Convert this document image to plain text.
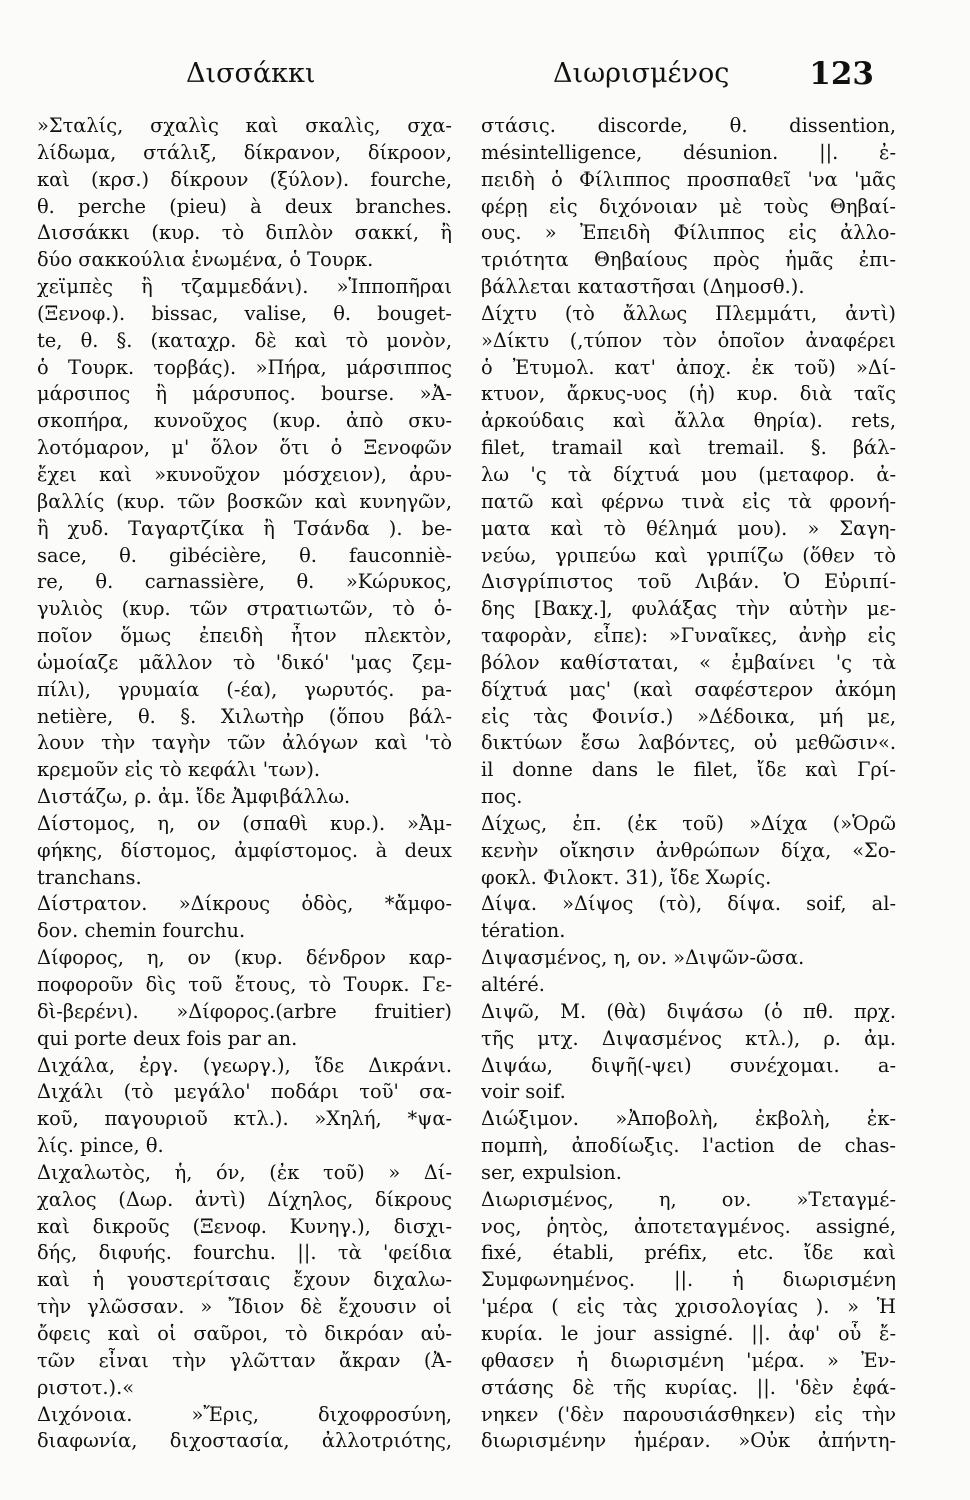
Δισσάκκι	Διωρισμένος	123
»Σταλίς, σχαλὶς καὶ σκαλὶς, σχα-
λίδωμα, στάλιξ, δίκρανον, δίκροον,
καὶ (κρσ.) δίκρουν (ξύλον). fourche,
θ. perche (pieu) à deux branches.
Δισσάκκι (κυρ. τὸ διπλὸν σακκί, ἢ
δύο σακκούλια ἑνωμένα, ὁ Τουρκ.
χεϊμπὲς ἢ τζαμμεδάνι). »Ἱπποπῆραι
(Ξενοφ.). bissac, valise, θ. bouget-
te, θ. §. (καταχρ. δὲ καὶ τὸ μονὸν,
ὁ Τουρκ. τορβάς). »Πήρα, μάρσιππος
μάρσιπος ἢ μάρσυπος. bourse. »Ἀ-
σκοπήρα, κυνοῦχος (κυρ. ἀπὸ σκυ-
λοτόμαρον, μ' ὅλον ὅτι ὁ Ξενοφῶν
ἔχει καὶ »κυνοῦχον μόσχειον), ἀρυ-
βαλλίς (κυρ. τῶν βοσκῶν καὶ κυνηγῶν,
ἢ χυδ. Ταγαρτζίκα ἢ Τσάνδα ). be-
sace, θ. gibécière, θ. fauconniè-
re, θ. carnassière, θ. »Κώρυκος,
γυλιὸς (κυρ. τῶν στρατιωτῶν, τὸ ὁ-
ποῖον ὅμως ἐπειδὴ ἦτον πλεκτὸν,
ὡμοίαζε μᾶλλον τὸ 'δικό' 'μας ζεμ-
πίλι), γρυμαία (-έα), γωρυτός. pa-
netière, θ. §. Χιλωτὴρ (ὅπου βάλ-
λουν τὴν ταγὴν τῶν ἀλόγων καὶ 'τὸ
κρεμοῦν εἰς τὸ κεφάλι 'των).
Διστάζω, ρ. ἀμ. ἴδε Ἀμφιβάλλω.
Δίστομος, η, ον (σπαθὶ κυρ.). »Ἀμ-
φήκης, δίστομος, ἀμφίστομος. à deux
tranchans.
Δίστρατον. »Δίκρους ὁδὸς, *ἄμφο-
δον. chemin fourchu.
Δίφορος, η, ον (κυρ. δένδρον καρ-
ποφοροῦν δὶς τοῦ ἔτους, τὸ Τουρκ. Γε-
δὶ-βερένι). »Δίφορος.(arbre fruitier)
qui porte deux fois par an.
Διχάλα, ἐργ. (γεωργ.), ἴδε Δικράνι.
Διχάλι (τὸ μεγάλο' ποδάρι τοῦ' σα-
κοῦ, παγουριοῦ κτλ.). »Χηλή, *ψα-
λίς. pince, θ.
Διχαλωτὸς, ἡ, όν, (ἐκ τοῦ) » Δί-
χαλος (Δωρ. ἀντὶ) Δίχηλος, δίκρους
καὶ δικροῦς (Ξενοφ. Κυνηγ.), δισχι-
δής, διφυής. fourchu. ||. τὰ 'φείδια
καὶ ἡ γουστερίτσαις ἔχουν διχαλω-
τὴν γλῶσσαν. » Ἴδιον δὲ ἔχουσιν οἱ
ὄφεις καὶ οἱ σαῦροι, τὸ δικρόαν αὐ-
τῶν εἶναι τὴν γλῶτταν ἄκραν (Ἀ-
ριστοτ.).«
Διχόνοια. »Ἔρις, διχοφροσύνη,
διαφωνία, διχοστασία, ἀλλοτριότης,
στάσις. discorde, θ. dissention,
mésintelligence, désunion. ||. ἐ-
πειδὴ ὁ Φίλιππος προσπαθεῖ 'να 'μᾶς
φέρῃ εἰς διχόνοιαν μὲ τοὺς Θηβαί-
ους. » Ἐπειδὴ Φίλιππος εἰς ἀλλο-
τριότητα Θηβαίους πρὸς ἡμᾶς ἐπι-
βάλλεται καταστῆσαι (Δημοσθ.).
Δίχτυ (τὸ ἄλλως Πλεμμάτι, ἀντὶ)
»Δίκτυ (,τύπον τὸν ὁποῖον ἀναφέρει
ὁ Ἐτυμολ. κατ' ἀποχ. ἐκ τοῦ) »Δί-
κτυον, ἄρκυς-υος (ἡ) κυρ. διὰ ταῖς
ἀρκούδαις καὶ ἄλλα θηρία). rets,
filet, tramail καὶ tremail. §. βάλ-
λω 'ς τὰ δίχτυά μου (μεταφορ. ἀ-
πατῶ καὶ φέρνω τινὰ εἰς τὰ φρονή-
ματα καὶ τὸ θέλημά μου). » Σαγη-
νεύω, γριπεύω καὶ γριπίζω (ὅθεν τὸ
Δισγρίπιστος τοῦ Λιβάν. Ὁ Εὐριπί-
δης [Βακχ.], φυλάξας τὴν αὐτὴν με-
ταφορὰν, εἶπε): »Γυναῖκες, ἀνὴρ εἰς
βόλον καθίσταται, « ἐμβαίνει 'ς τὰ
δίχτυά μας' (καὶ σαφέστερον ἀκόμη
εἰς τὰς Φοινίσ.) »Δέδοικα, μή με,
δικτύων ἔσω λαβόντες, οὐ μεθῶσιν«.
il donne dans le filet, ἴδε καὶ Γρί-
πος.
Δίχως, ἐπ. (ἐκ τοῦ) »Δίχα (»Ὁρῶ
κενὴν οἴκησιν ἀνθρώπων δίχα, «Σο-
φοκλ. Φιλοκτ. 31), ἴδε Χωρίς.
Δίψα. »Δίψος (τὸ), δίψα. soif, al-
tération.
Διψασμένος, η, ον. »Διψῶν-ῶσα.
altéré.
Διψῶ, Μ. (θὰ) διψάσω (ὁ πθ. πρχ.
τῆς μτχ. Διψασμένος κτλ.), ρ. ἀμ.
Διψάω, διψῆ(-ψει) συνέχομαι. a-
voir soif.
Διώξιμον. »Ἀποβολὴ, ἐκβολὴ, ἐκ-
πομπὴ, ἀποδίωξις. l'action de chas-
ser, expulsion.
Διωρισμένος, η, ον. »Τεταγμέ-
νος, ῥητὸς, ἀποτεταγμένος. assigné,
fixé, établi, préfix, etc. ἴδε καὶ
Συμφωνημένος. ||. ἡ διωρισμένη
'μέρα ( εἰς τὰς χρισολογίας ). » Ἡ
κυρία. le jour assigné. ||. ἀφ' οὗ ἔ-
φθασεν ἡ διωρισμένη 'μέρα. » Ἐν-
στάσης δὲ τῆς κυρίας. ||. 'δὲν ἐφά-
νηκεν ('δὲν παρουσιάσθηκεν) εἰς τὴν
διωρισμένην ἡμέραν. »Οὐκ ἀπήντη-
